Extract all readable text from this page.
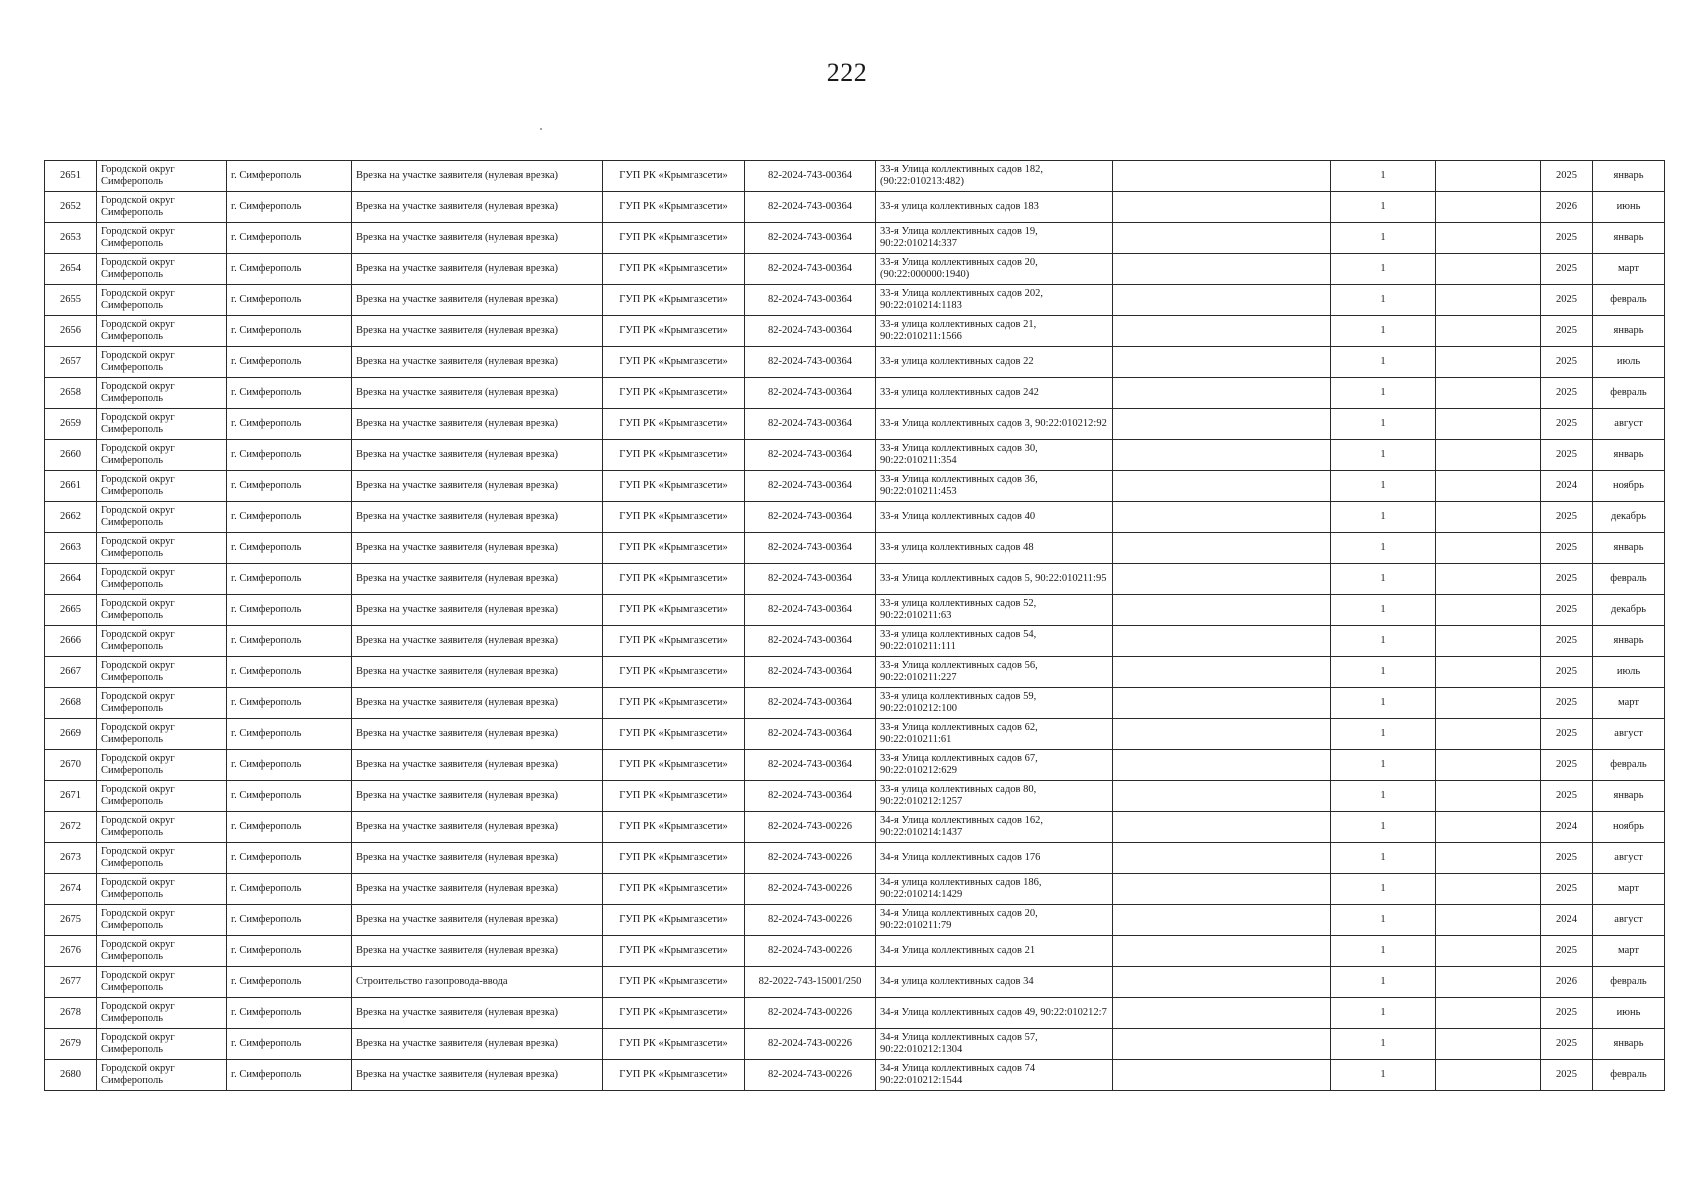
222
2651	Городской округ Симферополь	г. Симферополь	Врезка на участке заявителя (нулевая врезка)	ГУП РК «Крымгазсети»	82-2024-743-00364	33-я Улица коллективных садов 182, (90:22:010213:482)		1		2025	январь
2652	Городской округ Симферополь	г. Симферополь	Врезка на участке заявителя (нулевая врезка)	ГУП РК «Крымгазсети»	82-2024-743-00364	33-я улица коллективных садов 183		1		2026	июнь
2653	Городской округ Симферополь	г. Симферополь	Врезка на участке заявителя (нулевая врезка)	ГУП РК «Крымгазсети»	82-2024-743-00364	33-я Улица коллективных садов 19, 90:22:010214:337		1		2025	январь
2654	Городской округ Симферополь	г. Симферополь	Врезка на участке заявителя (нулевая врезка)	ГУП РК «Крымгазсети»	82-2024-743-00364	33-я Улица коллективных садов 20, (90:22:000000:1940)		1		2025	март
2655	Городской округ Симферополь	г. Симферополь	Врезка на участке заявителя (нулевая врезка)	ГУП РК «Крымгазсети»	82-2024-743-00364	33-я Улица коллективных садов 202, 90:22:010214:1183		1		2025	февраль
2656	Городской округ Симферополь	г. Симферополь	Врезка на участке заявителя (нулевая врезка)	ГУП РК «Крымгазсети»	82-2024-743-00364	33-я улица коллективных садов 21, 90:22:010211:1566		1		2025	январь
2657	Городской округ Симферополь	г. Симферополь	Врезка на участке заявителя (нулевая врезка)	ГУП РК «Крымгазсети»	82-2024-743-00364	33-я улица коллективных садов 22		1		2025	июль
2658	Городской округ Симферополь	г. Симферополь	Врезка на участке заявителя (нулевая врезка)	ГУП РК «Крымгазсети»	82-2024-743-00364	33-я улица коллективных садов 242		1		2025	февраль
2659	Городской округ Симферополь	г. Симферополь	Врезка на участке заявителя (нулевая врезка)	ГУП РК «Крымгазсети»	82-2024-743-00364	33-я Улица коллективных садов 3, 90:22:010212:92		1		2025	август
2660	Городской округ Симферополь	г. Симферополь	Врезка на участке заявителя (нулевая врезка)	ГУП РК «Крымгазсети»	82-2024-743-00364	33-я Улица коллективных садов 30, 90:22:010211:354		1		2025	январь
2661	Городской округ Симферополь	г. Симферополь	Врезка на участке заявителя (нулевая врезка)	ГУП РК «Крымгазсети»	82-2024-743-00364	33-я Улица коллективных садов 36, 90:22:010211:453		1		2024	ноябрь
2662	Городской округ Симферополь	г. Симферополь	Врезка на участке заявителя (нулевая врезка)	ГУП РК «Крымгазсети»	82-2024-743-00364	33-я Улица коллективных садов 40		1		2025	декабрь
2663	Городской округ Симферополь	г. Симферополь	Врезка на участке заявителя (нулевая врезка)	ГУП РК «Крымгазсети»	82-2024-743-00364	33-я улица коллективных садов 48		1		2025	январь
2664	Городской округ Симферополь	г. Симферополь	Врезка на участке заявителя (нулевая врезка)	ГУП РК «Крымгазсети»	82-2024-743-00364	33-я Улица коллективных садов 5, 90:22:010211:95		1		2025	февраль
2665	Городской округ Симферополь	г. Симферополь	Врезка на участке заявителя (нулевая врезка)	ГУП РК «Крымгазсети»	82-2024-743-00364	33-я улица коллективных садов 52, 90:22:010211:63		1		2025	декабрь
2666	Городской округ Симферополь	г. Симферополь	Врезка на участке заявителя (нулевая врезка)	ГУП РК «Крымгазсети»	82-2024-743-00364	33-я улица коллективных садов 54, 90:22:010211:111		1		2025	январь
2667	Городской округ Симферополь	г. Симферополь	Врезка на участке заявителя (нулевая врезка)	ГУП РК «Крымгазсети»	82-2024-743-00364	33-я Улица коллективных садов 56, 90:22:010211:227		1		2025	июль
2668	Городской округ Симферополь	г. Симферополь	Врезка на участке заявителя (нулевая врезка)	ГУП РК «Крымгазсети»	82-2024-743-00364	33-я улица коллективных садов 59, 90:22:010212:100		1		2025	март
2669	Городской округ Симферополь	г. Симферополь	Врезка на участке заявителя (нулевая врезка)	ГУП РК «Крымгазсети»	82-2024-743-00364	33-я Улица коллективных садов 62, 90:22:010211:61		1		2025	август
2670	Городской округ Симферополь	г. Симферополь	Врезка на участке заявителя (нулевая врезка)	ГУП РК «Крымгазсети»	82-2024-743-00364	33-я Улица коллективных садов 67, 90:22:010212:629		1		2025	февраль
2671	Городской округ Симферополь	г. Симферополь	Врезка на участке заявителя (нулевая врезка)	ГУП РК «Крымгазсети»	82-2024-743-00364	33-я улица коллективных садов 80, 90:22:010212:1257		1		2025	январь
2672	Городской округ Симферополь	г. Симферополь	Врезка на участке заявителя (нулевая врезка)	ГУП РК «Крымгазсети»	82-2024-743-00226	34-я Улица коллективных садов 162, 90:22:010214:1437		1		2024	ноябрь
2673	Городской округ Симферополь	г. Симферополь	Врезка на участке заявителя (нулевая врезка)	ГУП РК «Крымгазсети»	82-2024-743-00226	34-я Улица коллективных садов 176		1		2025	август
2674	Городской округ Симферополь	г. Симферополь	Врезка на участке заявителя (нулевая врезка)	ГУП РК «Крымгазсети»	82-2024-743-00226	34-я улица коллективных садов 186, 90:22:010214:1429		1		2025	март
2675	Городской округ Симферополь	г. Симферополь	Врезка на участке заявителя (нулевая врезка)	ГУП РК «Крымгазсети»	82-2024-743-00226	34-я Улица коллективных садов 20, 90:22:010211:79		1		2024	август
2676	Городской округ Симферополь	г. Симферополь	Врезка на участке заявителя (нулевая врезка)	ГУП РК «Крымгазсети»	82-2024-743-00226	34-я Улица коллективных садов 21		1		2025	март
2677	Городской округ Симферополь	г. Симферополь	Строительство газопровода-ввода	ГУП РК «Крымгазсети»	82-2022-743-15001/250	34-я улица коллективных садов 34		1		2026	февраль
2678	Городской округ Симферополь	г. Симферополь	Врезка на участке заявителя (нулевая врезка)	ГУП РК «Крымгазсети»	82-2024-743-00226	34-я Улица коллективных садов 49, 90:22:010212:7		1		2025	июнь
2679	Городской округ Симферополь	г. Симферополь	Врезка на участке заявителя (нулевая врезка)	ГУП РК «Крымгазсети»	82-2024-743-00226	34-я Улица коллективных садов 57, 90:22:010212:1304		1		2025	январь
2680	Городской округ Симферополь	г. Симферополь	Врезка на участке заявителя (нулевая врезка)	ГУП РК «Крымгазсети»	82-2024-743-00226	34-я Улица коллективных садов 74 90:22:010212:1544		1		2025	февраль
